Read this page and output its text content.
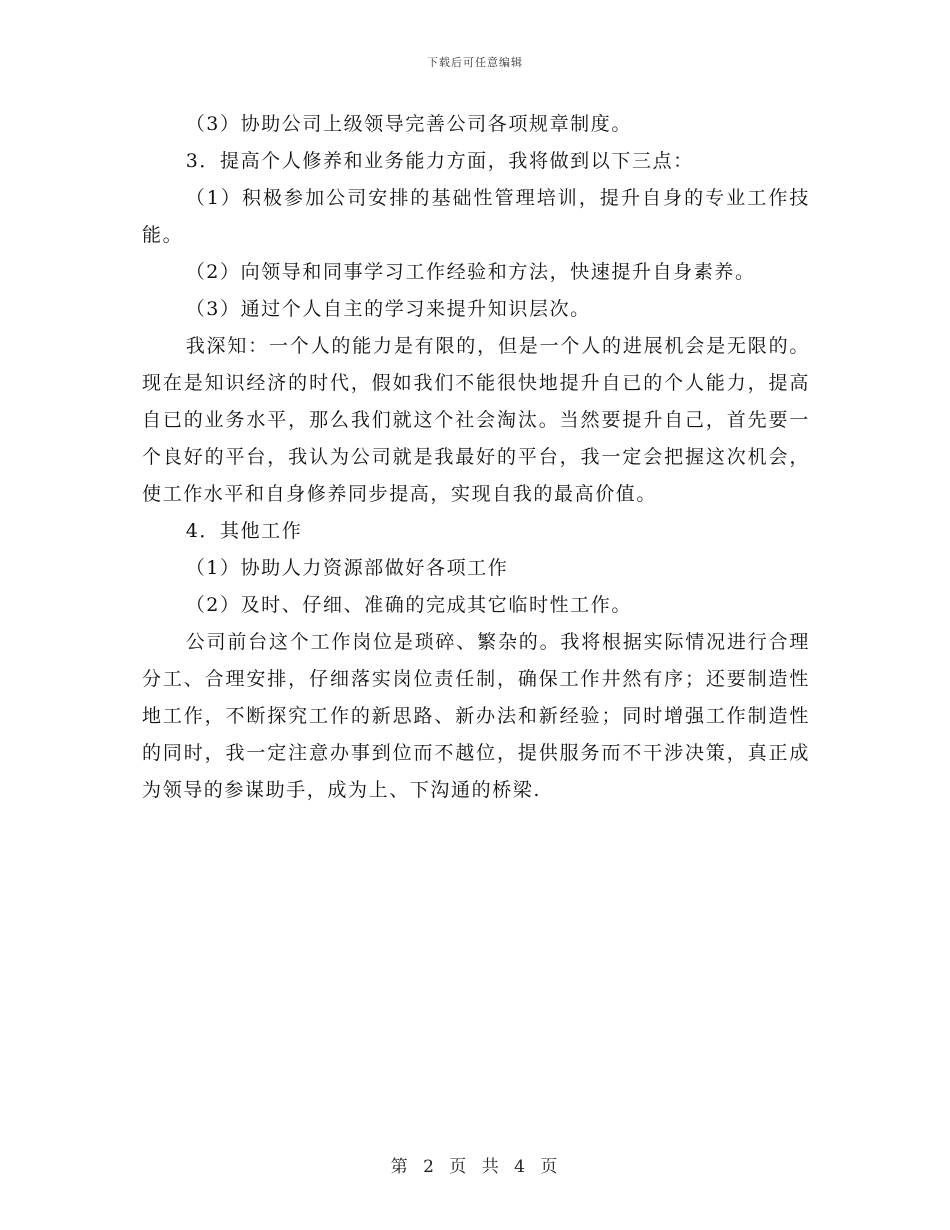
下载后可任意编辑

（3）协助公司上级领导完善公司各项规章制度。

3．提高个人修养和业务能力方面，我将做到以下三点：

（1）积极参加公司安排的基础性管理培训，提升自身的专业工作技能。

（2）向领导和同事学习工作经验和方法，快速提升自身素养。

（3）通过个人自主的学习来提升知识层次。

我深知：一个人的能力是有限的，但是一个人的进展机会是无限的。现在是知识经济的时代，假如我们不能很快地提升自已的个人能力，提高自已的业务水平，那么我们就这个社会淘汰。当然要提升自己，首先要一个良好的平台，我认为公司就是我最好的平台，我一定会把握这次机会，使工作水平和自身修养同步提高，实现自我的最高价值。

4．其他工作

（1）协助人力资源部做好各项工作

（2）及时、仔细、准确的完成其它临时性工作。

公司前台这个工作岗位是琐碎、繁杂的。我将根据实际情况进行合理分工、合理安排，仔细落实岗位责任制，确保工作井然有序；还要制造性地工作，不断探究工作的新思路、新办法和新经验；同时增强工作制造性的同时，我一定注意办事到位而不越位，提供服务而不干涉决策，真正成为领导的参谋助手，成为上、下沟通的桥梁.

第 2 页 共 4 页
